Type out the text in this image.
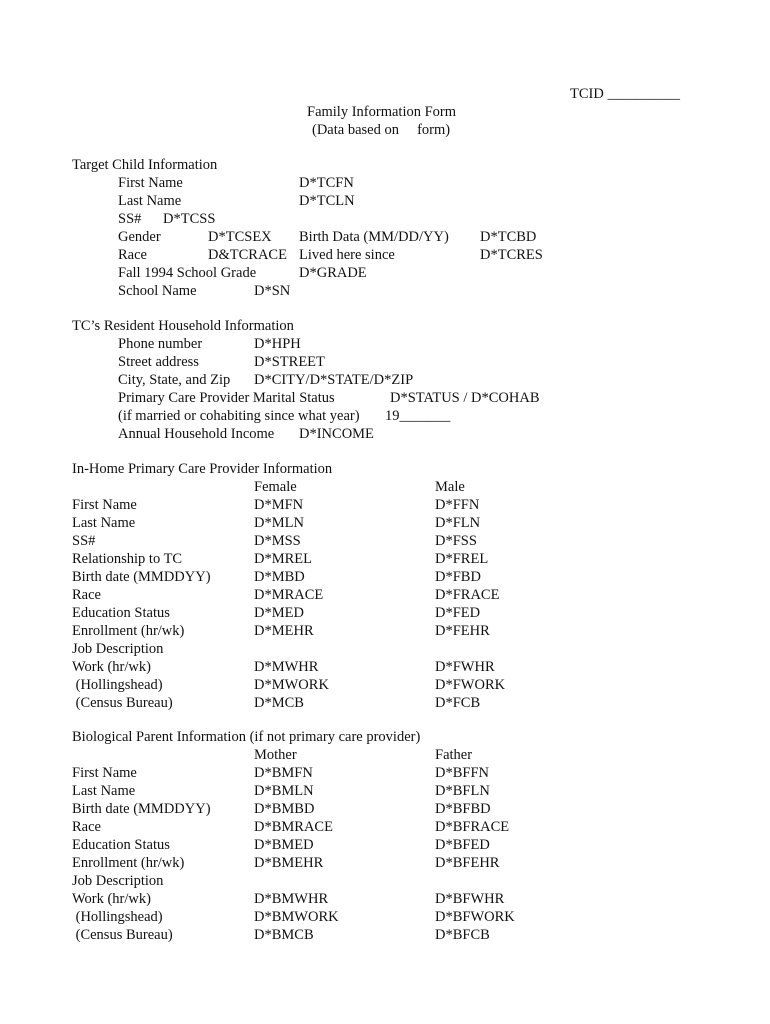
TCID __________
Family Information Form
(Data based on     form)
Target Child Information
First Name	D*TCFN
Last Name	D*TCLN
SS# D*TCSS
Gender	D*TCSEX Birth Data (MM/DD/YY) D*TCBD
Race	D&TCRACE Lived here since	D*TCRES
Fall 1994 School Grade	D*GRADE
School Name	D*SN
TC’s Resident Household Information
Phone number	D*HPH
Street address	D*STREET
City, State, and Zip D*CITY/D*STATE/D*ZIP
Primary Care Provider Marital Status	D*STATUS / D*COHAB
(if married or cohabiting since what year) 19_______
Annual Household Income D*INCOME
In-Home Primary Care Provider Information
Female	Male
First Name	D*MFN	D*FFN
Last Name	D*MLN	D*FLN
SS#	D*MSS	D*FSS
Relationship to TC	D*MREL	D*FREL
Birth date (MMDDYY)	D*MBD	D*FBD
Race	D*MRACE	D*FRACE
Education Status	D*MED	D*FED
Enrollment (hr/wk)	D*MEHR	D*FEHR
Job Description
Work (hr/wk)	D*MWHR	D*FWHR
(Hollingshead)	D*MWORK	D*FWORK
(Census Bureau)	D*MCB	D*FCB
Biological Parent Information (if not primary care provider)
Mother	Father
First Name	D*BMFN	D*BFFN
Last Name	D*BMLN	D*BFLN
Birth date (MMDDYY)	D*BMBD	D*BFBD
Race	D*BMRACE	D*BFRACE
Education Status	D*BMED	D*BFED
Enrollment (hr/wk)	D*BMEHR	D*BFEHR
Job Description
Work (hr/wk)	D*BMWHR	D*BFWHR
(Hollingshead)	D*BMWORK	D*BFWORK
(Census Bureau)	D*BMCB	D*BFCB
